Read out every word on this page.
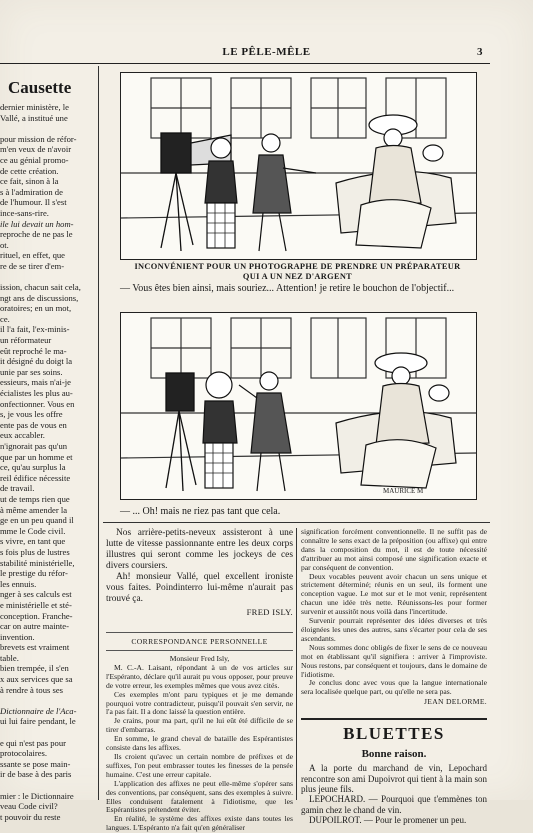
LE PÊLE-MÊLE	3
Causette
dernier ministère, le
Vallé, a institué une

pour mission de réfor-
m'en veux de n'avoir
ce au génial promo-
de cette création.
ce fait, sinon à la
s à l'admiration de
de l'humour. Il s'est
ince-sans-rire.
ile lui devait un hom-
reproche de ne pas le
ot.
rituel, en effet, que
re de se tirer d'em-

ission, chacun sait cela,
ngt ans de discussions,
oratoires; en un mot,
ce.
il l'a fait, l'ex-minis-
un réformateur
eût reproché le ma-
it désigné du doigt la
unie par ses soins.
essieurs, mais n'ai-je
écialistes les plus au-
onfectionner. Vous en
s, je vous les offre
ente pas de vous en
eux accabler.
n'ignorait pas qu'un
que par un homme et
ce, qu'au surplus la
reil édifice nécessite
de travail.
ut de temps rien que
à même amender la
ge en un peu quand il
mme le Code civil.
s vivre, en tant que
s fois plus de lustres
stabilité ministérielle,
le prestige du réfor-
les ennuis.
nger à ses calculs est
e ministérielle et sté-
conception. Franche-
car on autre mainte-
invention.
brevets est vraiment
table.
bien trempée, il s'en
x aux services que sa
à rendre à tous ses

Dictionnaire de l'Aca-
ui lui faire pendant, le

e qui n'est pas pour
protocolaires.
ssante se pose main-
ir de base à des paris

mier : le Dictionnaire
veau Code civil?
t pouvoir du reste
INCONVÉNIENT POUR UN PHOTOGRAPHE DE PRENDRE UN PRÉPARATEUR
QUI A UN NEZ D'ARGENT
— Vous êtes bien ainsi, mais souriez... Attention! je retire le bouchon de l'objectif...
MAURICE M
— ... Oh! mais ne riez pas tant que cela.
Nos arrière-petits-neveux assisteront à une lutte de vitesse passionnante entre les deux corps illustres qui seront comme les jockeys de ces divers coursiers.
Ah! monsieur Vallé, quel excellent ironiste vous faites. Poindinterro lui-même n'aurait pas trouvé ça.
FRED ISLY.
CORRESPONDANCE PERSONNELLE

Monsieur Fred Isly,

M. C.-A. Laisant, répondant à un de vos articles sur l'Espéranto, déclare qu'il aurait pu vous opposer, pour preuve de votre erreur, les exemples mêmes que vous avez cités.

Ces exemples m'ont paru typiques et je me demande pourquoi votre contradicteur, puisqu'il pouvait s'en servir, ne l'a pas fait. Il a donc laissé la question entière.

Je crains, pour ma part, qu'il ne lui eût été difficile de se tirer d'embarras.

En somme, le grand cheval de bataille des Espérantistes consiste dans les affixes.

Ils croient qu'avec un certain nombre de préfixes et de suffixes, l'on peut embrasser toutes les finesses de la pensée humaine. C'est une erreur capitale.

L'application des affixes ne peut elle-même s'opérer sans des conventions, par conséquent, sans des exemples à suivre. Elles conduisent fatalement à l'idiotisme, que les Espérantistes prétendent éviter.

En réalité, le système des affixes existe dans toutes les langues. L'Espéranto n'a fait qu'en généraliser

signification forcément conventionnelle. Il ne suffit pas de connaître le sens exact de la préposition (ou affixe) qui entre dans la composition du mot, il est de toute nécessité d'attribuer au mot ainsi composé une signification exacte et par conséquent de convention.

Deux vocables peuvent avoir chacun un sens unique et strictement déterminé; réunis en un seul, ils forment une conception vague. Le mot sur et le mot venir, représentent chacun une idée très nette. Réunissons-les pour former survenir et aussitôt nous voilà dans l'incertitude.

Survenir pourrait représenter des idées diverses et très éloignées les unes des autres, sans s'écarter pour cela de ses ascendants.

Nous sommes donc obligés de fixer le sens de ce nouveau mot en établissant qu'il signifiera : arriver à l'improviste. Nous restons, par conséquent et toujours, dans le domaine de l'idiotisme.

Je conclus donc avec vous que la langue internationale sera localisée quelque part, ou qu'elle ne sera pas.

JEAN DELORME.
BLUETTES
Bonne raison.

A la porte du marchand de vin, Lepochard rencontre son ami Dupoivrot qui tient à la main son plus jeune fils.

LEPOCHARD. — Pourquoi que t'emmènes ton gamin chez le chand de vin.

DUPOILROT. — Pour le promener un peu.
